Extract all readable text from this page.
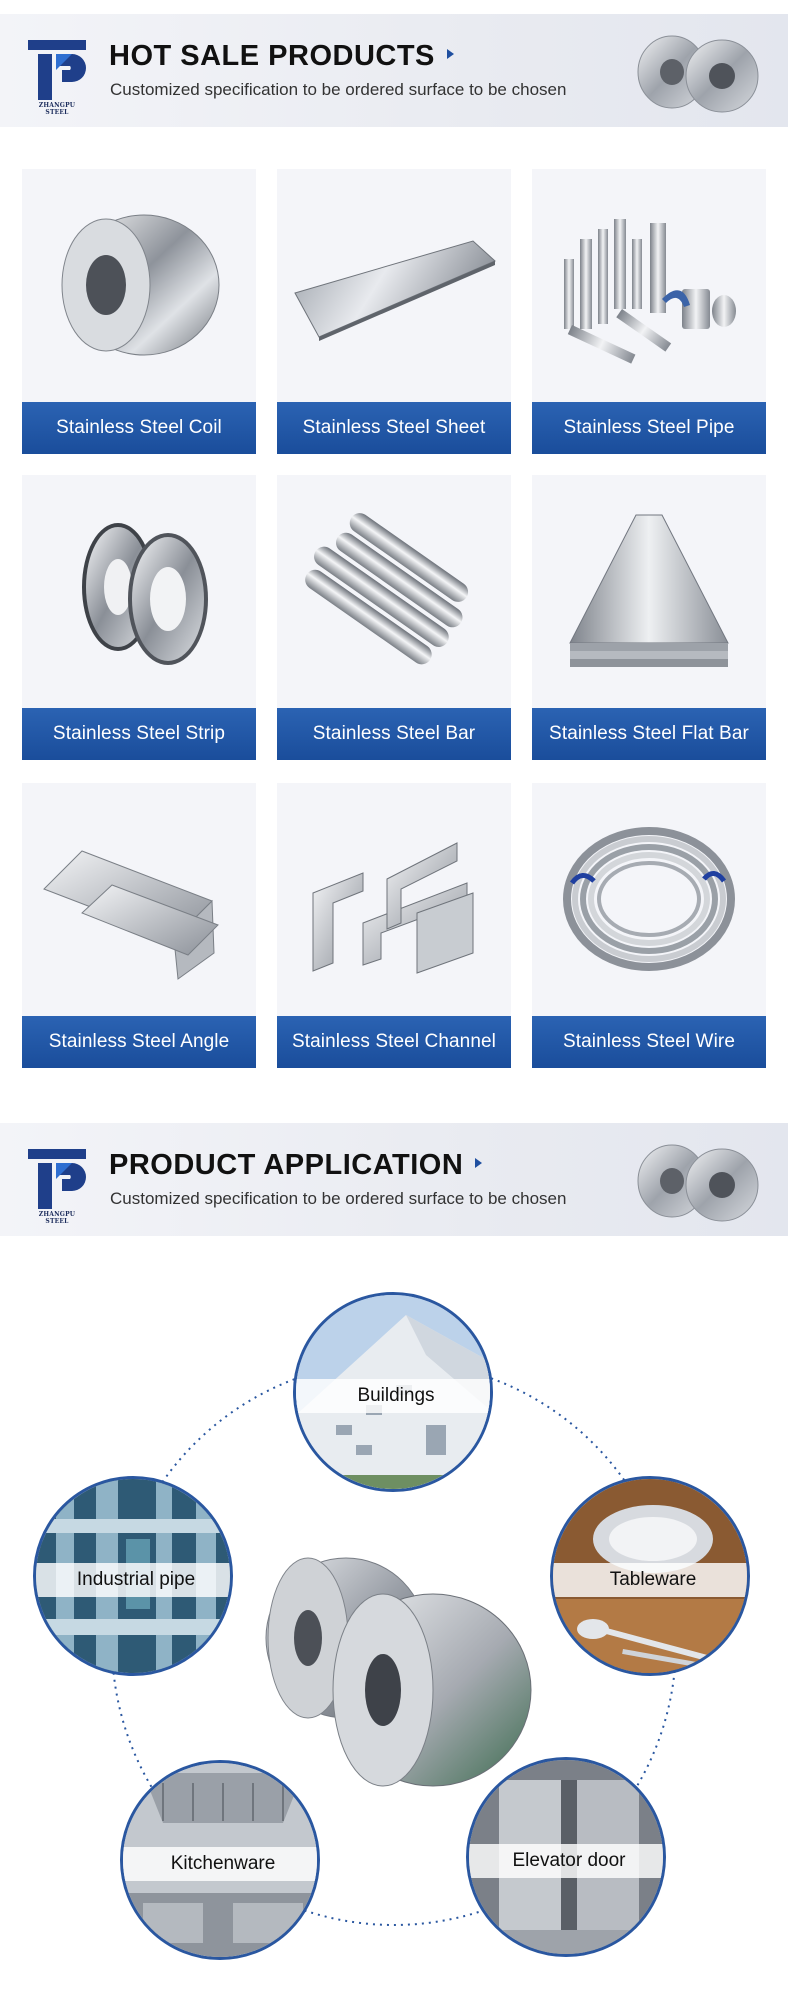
ZHANGPU STEEL
HOT SALE PRODUCTS
Customized specification to be ordered surface to be chosen
Stainless Steel Coil	Stainless Steel Sheet	Stainless Steel Pipe
Stainless Steel Strip	Stainless Steel Bar	Stainless Steel Flat Bar
Stainless Steel Angle	Stainless Steel Channel	Stainless Steel Wire
ZHANGPU STEEL
PRODUCT APPLICATION
Customized specification to be ordered surface to be chosen
Buildings
Industrial pipe	Tableware
Kitchenware	Elevator door
